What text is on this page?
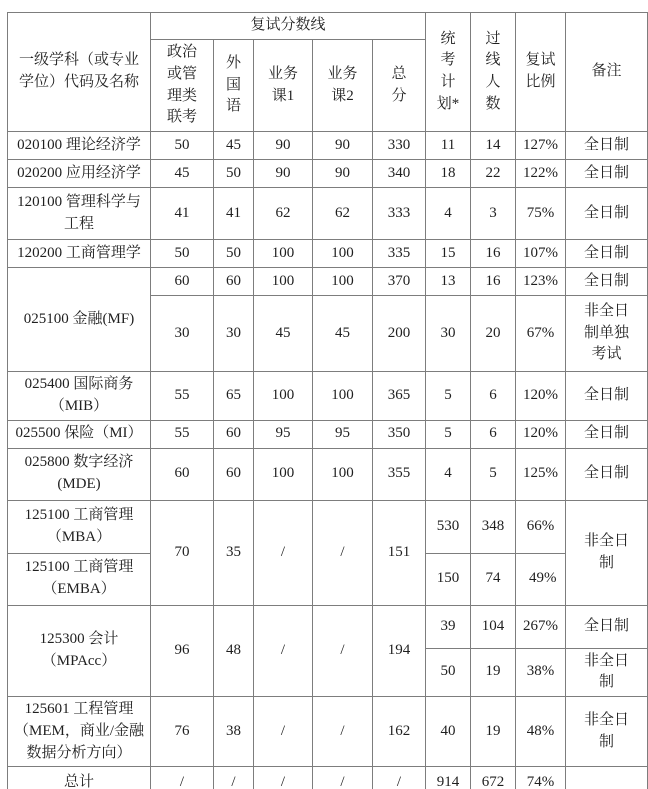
一级学科（或专业学位）代码及名称	复试分数线					统考计划*	过线人数	复试比例	备注
	政治或管理类联考	外国语	业务课1	业务课2	总分				
020100 理论经济学	50	45	90	90	330	11	14	127%	全日制
020200 应用经济学	45	50	90	90	340	18	22	122%	全日制
120100 管理科学与工程	41	41	62	62	333	4	3	75%	全日制
120200 工商管理学	50	50	100	100	335	15	16	107%	全日制
025100 金融(MF)	60	60	100	100	370	13	16	123%	全日制
	30	30	45	45	200	30	20	67%	非全日制单独考试
025400 国际商务（MIB）	55	65	100	100	365	5	6	120%	全日制
025500 保险（MI）	55	60	95	95	350	5	6	120%	全日制
025800 数字经济(MDE)	60	60	100	100	355	4	5	125%	全日制
125100 工商管理（MBA）	70	35	/	/	151	530	348	66%	非全日制
125100 工商管理（EMBA）						150	74	49%	
125300 会计（MPAcc）	96	48	/	/	194	39	104	267%	全日制
						50	19	38%	非全日制
125601 工程管理（MEM，商业/金融数据分析方向）	76	38	/	/	162	40	19	48%	非全日制
总计	/	/	/	/	/	914	672	74%	
